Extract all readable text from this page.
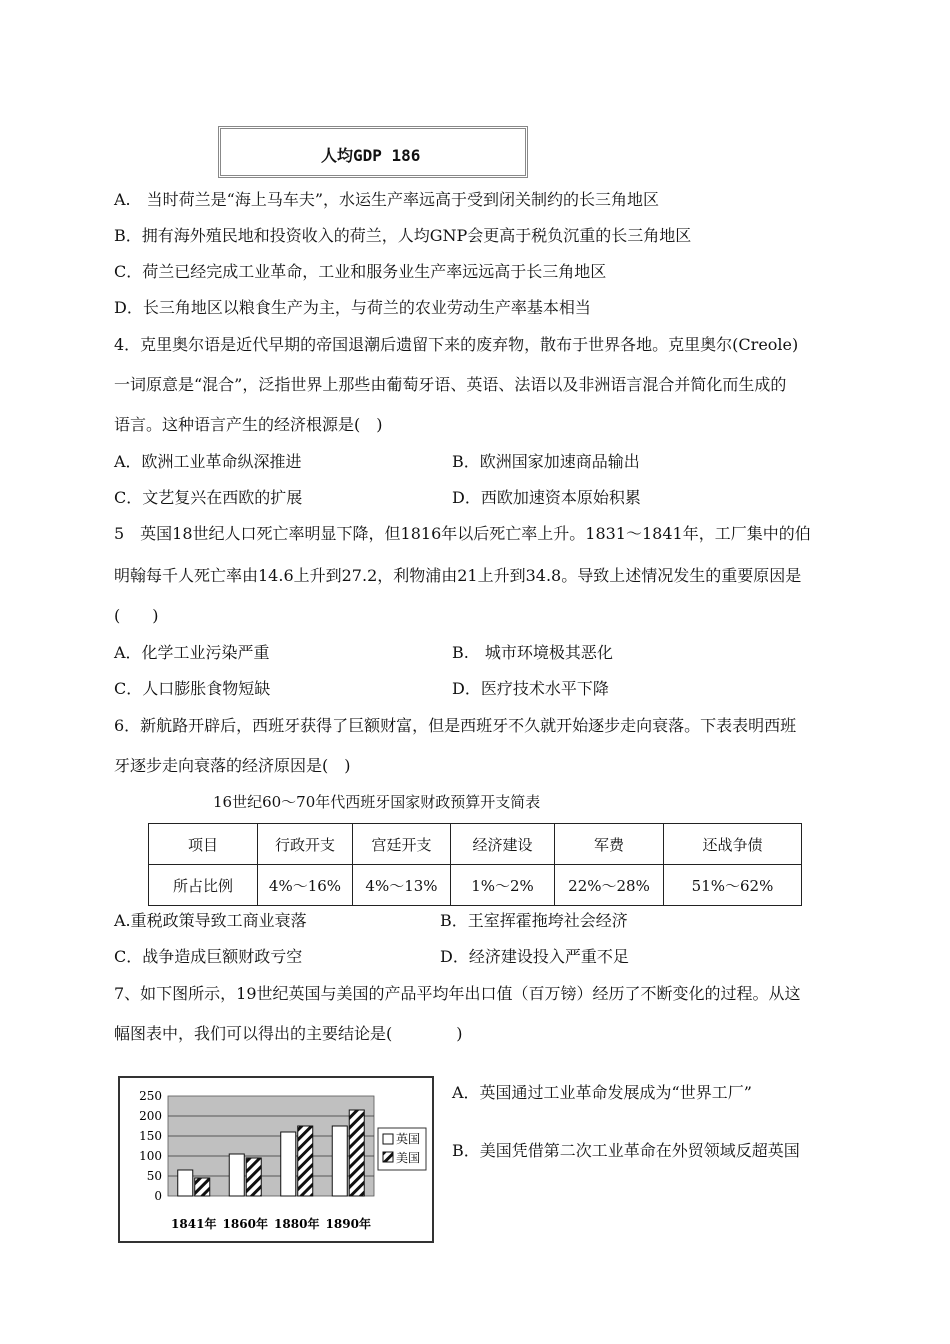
人均GDP 186
A.　当时荷兰是“海上马车夫”，水运生产率远高于受到闭关制约的长三角地区
B．拥有海外殖民地和投资收入的荷兰，人均GNP会更高于税负沉重的长三角地区
C．荷兰已经完成工业革命，工业和服务业生产率远远高于长三角地区
D．长三角地区以粮食生产为主，与荷兰的农业劳动生产率基本相当
4．克里奥尔语是近代早期的帝国退潮后遗留下来的废弃物，散布于世界各地。克里奥尔(Creole)
一词原意是“混合”，泛指世界上那些由葡萄牙语、英语、法语以及非洲语言混合并简化而生成的
语言。这种语言产生的经济根源是(　)
A．欧洲工业革命纵深推进	B．欧洲国家加速商品输出
C．文艺复兴在西欧的扩展	D．西欧加速资本原始积累
5　英国18世纪人口死亡率明显下降，但1816年以后死亡率上升。1831～1841年，工厂集中的伯
明翰每千人死亡率由14.6上升到27.2，利物浦由21上升到34.8。导致上述情况发生的重要原因是
(　　)
A．化学工业污染严重	B.　城市环境极其恶化
C．人口膨胀食物短缺	D．医疗技术水平下降
6．新航路开辟后，西班牙获得了巨额财富，但是西班牙不久就开始逐步走向衰落。下表表明西班
牙逐步走向衰落的经济原因是(　)
16世纪60～70年代西班牙国家财政预算开支简表
项目	行政开支	宫廷开支	经济建设	军费	还战争债
所占比例	4%～16%	4%～13%	1%～2%	22%～28%	51%～62%
A.重税政策导致工商业衰落	B．王室挥霍拖垮社会经济
C．战争造成巨额财政亏空	D．经济建设投入严重不足
7、如下图所示，19世纪英国与美国的产品平均年出口值（百万镑）经历了不断变化的过程。从这
幅图表中，我们可以得出的主要结论是(　　　　)
250
200
150
100
50
0
1841年 1860年 1880年 1890年
英国
美国
A．英国通过工业革命发展成为“世界工厂”
B．美国凭借第二次工业革命在外贸领域反超英国
